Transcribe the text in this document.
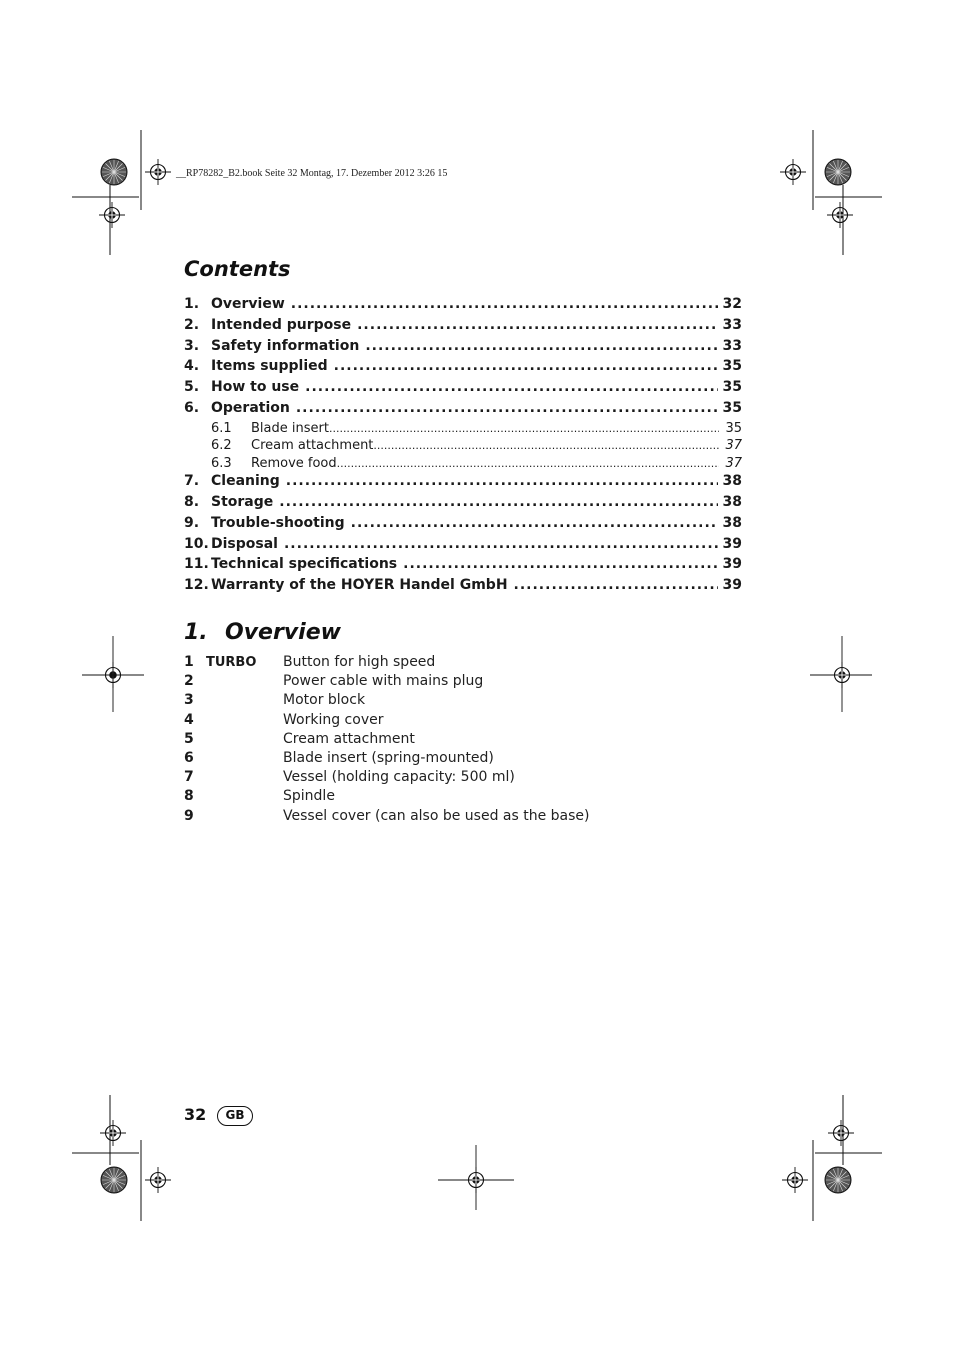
__RP78282_B2.book Seite 32 Montag, 17. Dezember 2012 3:26 15
Contents
1. Overview .....	32
2. Intended purpose .....	33
3. Safety information .....	33
4. Items supplied .....	35
5. How to use .....	35
6. Operation .....	35
6.1	Blade insert .....	35
6.2	Cream attachment .....	37
6.3	Remove food .....	37
7. Cleaning .....	38
8. Storage .....	38
9. Trouble-shooting .....	38
10. Disposal .....	39
11. Technical specifications .....	39
12. Warranty of the HOYER Handel GmbH .....	39
1. Overview
1 TURBO	Button for high speed
2	Power cable with mains plug
3	Motor block
4	Working cover
5	Cream attachment
6	Blade insert (spring-mounted)
7	Vessel (holding capacity: 500 ml)
8	Spindle
9	Vessel cover (can also be used as the base)
32	GB
